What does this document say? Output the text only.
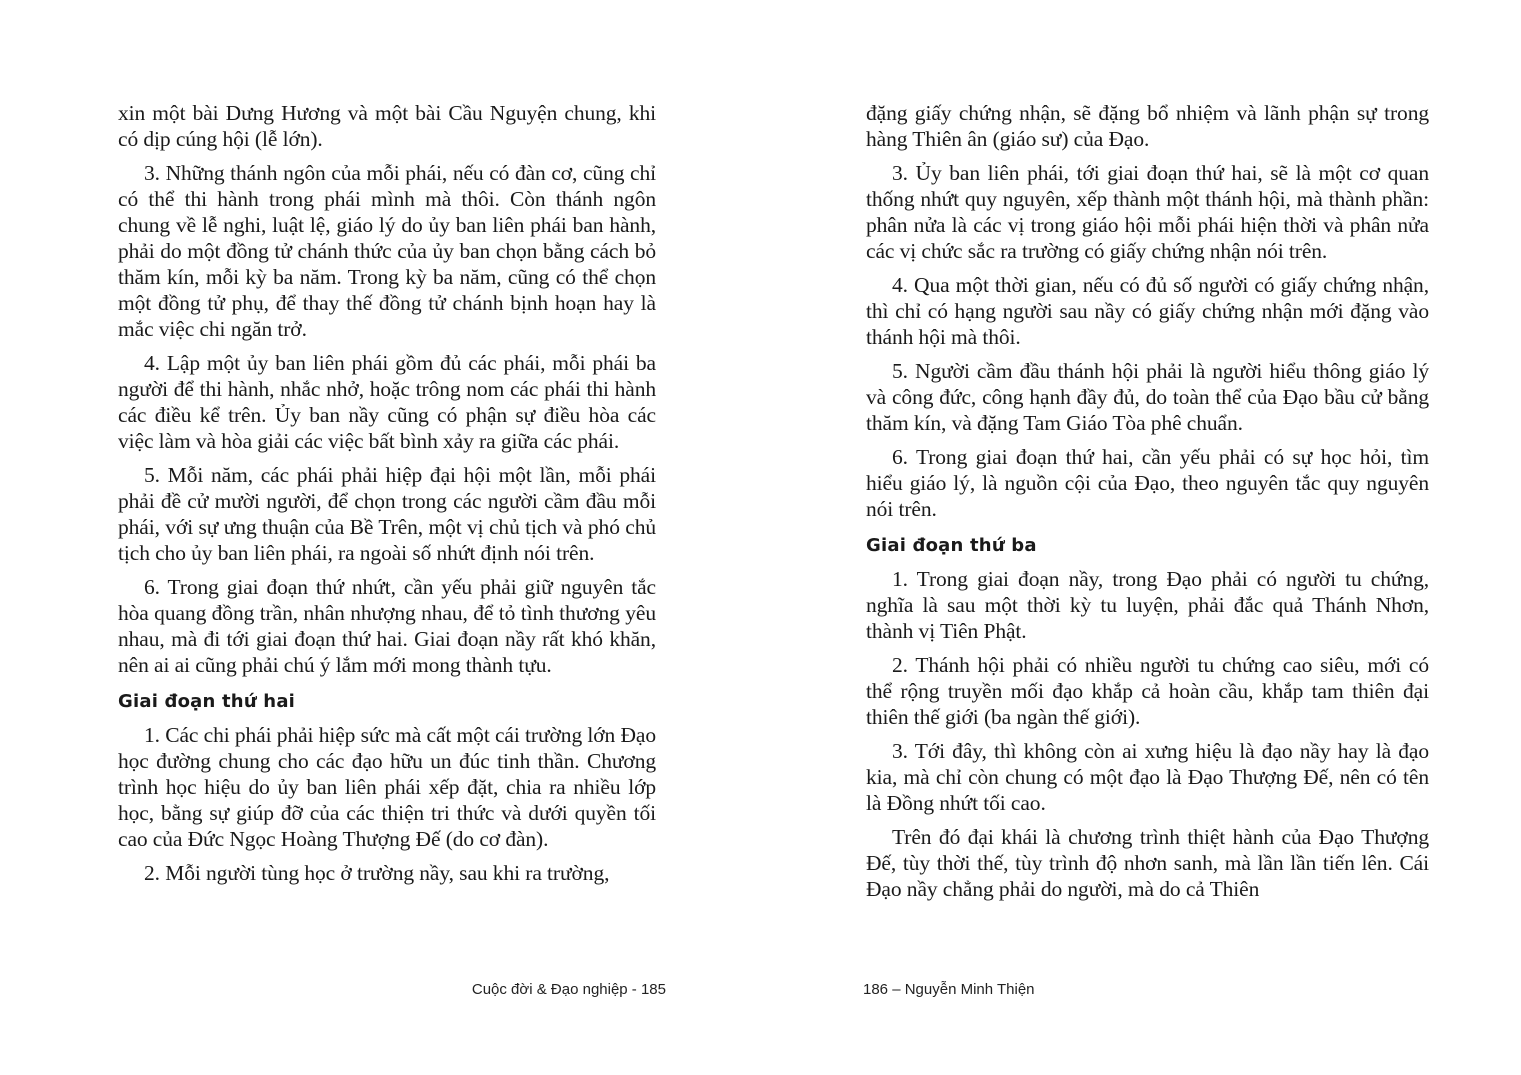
xin một bài Dưng Hương và một bài Cầu Nguyện chung, khi có dịp cúng hội (lễ lớn).

3. Những thánh ngôn của mỗi phái, nếu có đàn cơ, cũng chỉ có thể thi hành trong phái mình mà thôi. Còn thánh ngôn chung về lễ nghi, luật lệ, giáo lý do ủy ban liên phái ban hành, phải do một đồng tử chánh thức của ủy ban chọn bằng cách bỏ thăm kín, mỗi kỳ ba năm. Trong kỳ ba năm, cũng có thể chọn một đồng tử phụ, để thay thế đồng tử chánh bịnh hoạn hay là mắc việc chi ngăn trở.

4. Lập một ủy ban liên phái gồm đủ các phái, mỗi phái ba người để thi hành, nhắc nhở, hoặc trông nom các phái thi hành các điều kể trên. Ủy ban nầy cũng có phận sự điều hòa các việc làm và hòa giải các việc bất bình xảy ra giữa các phái.

5. Mỗi năm, các phái phải hiệp đại hội một lần, mỗi phái phải đề cử mười người, để chọn trong các người cầm đầu mỗi phái, với sự ưng thuận của Bề Trên, một vị chủ tịch và phó chủ tịch cho ủy ban liên phái, ra ngoài số nhứt định nói trên.

6. Trong giai đoạn thứ nhứt, cần yếu phải giữ nguyên tắc hòa quang đồng trần, nhân nhượng nhau, để tỏ tình thương yêu nhau, mà đi tới giai đoạn thứ hai. Giai đoạn nầy rất khó khăn, nên ai ai cũng phải chú ý lắm mới mong thành tựu.

Giai đoạn thứ hai

1. Các chi phái phải hiệp sức mà cất một cái trường lớn Đạo học đường chung cho các đạo hữu un đúc tinh thần. Chương trình học hiệu do ủy ban liên phái xếp đặt, chia ra nhiều lớp học, bằng sự giúp đỡ của các thiện tri thức và dưới quyền tối cao của Đức Ngọc Hoàng Thượng Đế (do cơ đàn).

2. Mỗi người tùng học ở trường nầy, sau khi ra trường,

Cuộc đời & Đạo nghiệp - 185

đặng giấy chứng nhận, sẽ đặng bổ nhiệm và lãnh phận sự trong hàng Thiên ân (giáo sư) của Đạo.

3. Ủy ban liên phái, tới giai đoạn thứ hai, sẽ là một cơ quan thống nhứt quy nguyên, xếp thành một thánh hội, mà thành phần: phân nửa là các vị trong giáo hội mỗi phái hiện thời và phân nửa các vị chức sắc ra trường có giấy chứng nhận nói trên.

4. Qua một thời gian, nếu có đủ số người có giấy chứng nhận, thì chỉ có hạng người sau nầy có giấy chứng nhận mới đặng vào thánh hội mà thôi.

5. Người cầm đầu thánh hội phải là người hiểu thông giáo lý và công đức, công hạnh đầy đủ, do toàn thể của Đạo bầu cử bằng thăm kín, và đặng Tam Giáo Tòa phê chuẩn.

6. Trong giai đoạn thứ hai, cần yếu phải có sự học hỏi, tìm hiểu giáo lý, là nguồn cội của Đạo, theo nguyên tắc quy nguyên nói trên.

Giai đoạn thứ ba

1. Trong giai đoạn nầy, trong Đạo phải có người tu chứng, nghĩa là sau một thời kỳ tu luyện, phải đắc quả Thánh Nhơn, thành vị Tiên Phật.

2. Thánh hội phải có nhiều người tu chứng cao siêu, mới có thể rộng truyền mối đạo khắp cả hoàn cầu, khắp tam thiên đại thiên thế giới (ba ngàn thế giới).

3. Tới đây, thì không còn ai xưng hiệu là đạo nầy hay là đạo kia, mà chỉ còn chung có một đạo là Đạo Thượng Đế, nên có tên là Đồng nhứt tối cao.

Trên đó đại khái là chương trình thiệt hành của Đạo Thượng Đế, tùy thời thế, tùy trình độ nhơn sanh, mà lần lần tiến lên. Cái Đạo nầy chẳng phải do người, mà do cả Thiên

186 – Nguyễn Minh Thiện
